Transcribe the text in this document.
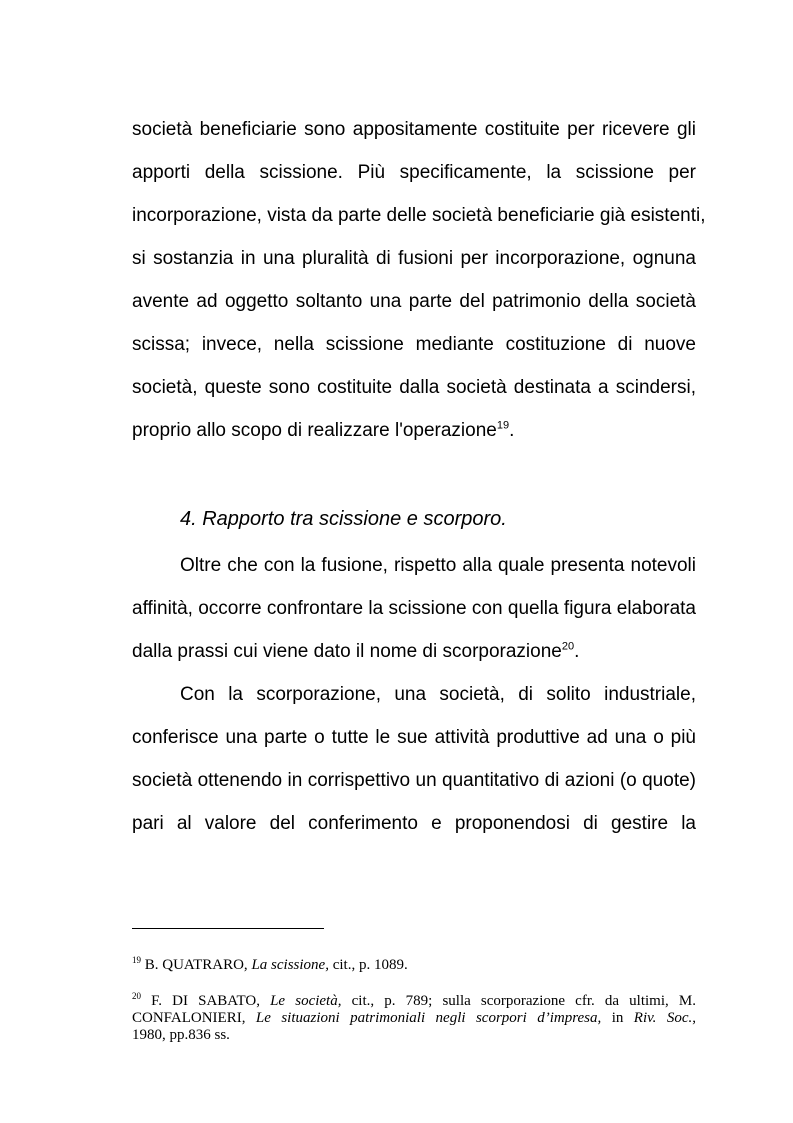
società beneficiarie sono appositamente costituite per ricevere gli
apporti della scissione. Più specificamente, la scissione per
incorporazione, vista da parte delle società beneficiarie già esistenti,
si sostanzia in una pluralità di fusioni per incorporazione, ognuna
avente ad oggetto soltanto una parte del patrimonio della società
scissa; invece, nella scissione mediante costituzione di nuove
società, queste sono costituite dalla società destinata a scindersi,
proprio allo scopo di realizzare l'operazione$^{19}$.
4. Rapporto tra scissione e scorporo.
Oltre che con la fusione, rispetto alla quale presenta notevoli
affinità, occorre confrontare la scissione con quella figura elaborata
dalla prassi cui viene dato il nome di scorporazione$^{20}$.
Con la scorporazione, una società, di solito industriale,
conferisce una parte o tutte le sue attività produttive ad una o più
società ottenendo in corrispettivo un quantitativo di azioni (o quote)
pari al valore del conferimento e proponendosi di gestire la
$^{19}$ B. QUATRARO, La scissione, cit., p. 1089.
$^{20}$ F. DI SABATO, Le società, cit., p. 789; sulla scorporazione cfr. da ultimi, M.
CONFALONIERI, Le situazioni patrimoniali negli scorpori d’impresa, in Riv. Soc.,
1980, pp.836 ss.
